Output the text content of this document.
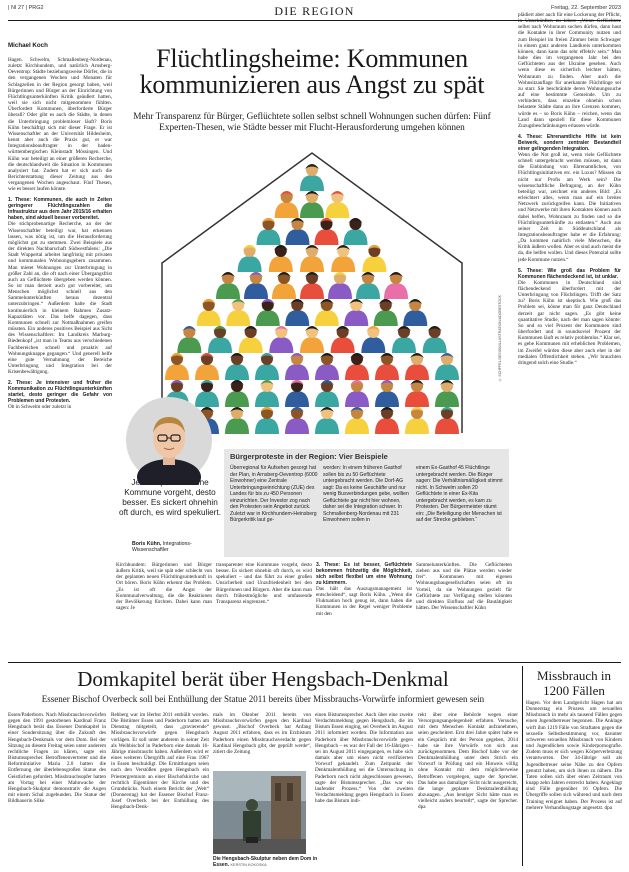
| NI 27 | PRG2	DIE REGION	Freitag, 22. September 2023
Michael Koch	Flüchtlingsheime: Kommunen kommunizieren aus Angst zu spät
Mehr Transparenz für Bürger, Geflüchtete sollen selbst schnell Wohnungen suchen dürfen: Fünf Experten-Thesen, wie Städte besser mit Flucht-Herausforderung umgehen können

Hagen. Schwelm, Schmallenberg-Nordenau, zuletzt Kirchhundem, und natürlich Arnsberg-Oeventrop: Städte beziehungsweise Dörfer, die in den vergangenen Wochen und Monaten für Schlagzeilen in der Region gesorgt haben, weil Bürgerinnen und Bürger an der Einrichtung von Flüchtlingsunterkünften Kritik geäußert hatten, weil sie sich nicht mitgenommen fühlten. Überfordert Kommunen, überforderte Bürger überall? Oder gibt es auch die Städte, in denen die Unterbringung problemloser läuft? Boris Kühn beschäftigt sich mit dieser Frage. Er ist Wissenschaftler an der Universität Hildesheim, kennt aber auch die Praxis gut, er war Integrationsbeauftragter in der baden-württembergischen Kleinstadt Mössingen. Und Kühn war beteiligt an einer größeren Recherche, die deutschlandweit die Situation in Kommunen analysiert hat. Zudem hat er sich auch die Berichterstattung dieser Zeitung aus den vergangenen Wochen angeschaut. Fünf Thesen, wie es besser laufen könnte.

1. These: Kommunen, die auch in Zeiten geringerer Flüchtlingszahlen die Infrastruktur aus dem Jahr 2015/16 erhalten haben, sind aktuell besser vorbereitet.

Die stichprobenartige Recherche, an der der Wissenschaftler beteiligt war, hat erkennen lassen, was nötig ist, um die Herausforderung möglichst gut zu stemmen. Zwei Beispiele aus der direkten Nachbarschaft Südwestfalens: „Die Stadt Wuppertal arbeitet langfristig mit privaten und kommunalen Wohnungsgebern zusammen. Man mietet Wohnungen zur Unterbringung in größer Zahl an, die oft nach einer Übergangsfrist auch an Geflüchtete übergeben werden können. So ist man derzeit auch gut vorbereitet, um Menschen möglichst schnell aus den Sammelunterkünften heraus dezentral unterzubringen.“ Außerdem halte die Stadt kontinuierlich in kleinem Rahmen Zusatz-Kapazitäten vor. Das helfe dagegen, dass Kommunen schnell zur Notmaßnahmen greifen müssten. Ein anderes positives Beispiel aus Sicht des Wissenschaftlers: Im Landkreis Marburg-Biedenkopf „ist man in Teams aus verschiedenen Fachbereichen schnell und proaktiv auf Wohnungsknappe gegangen.“ Und generell helfe eine gute Vernahmung der Bereiche Unterbringung und Integration bei der Krisenbewältigung.

2. These: Je intensiver und früher die Kommunikation zu Flüchtlingsunterkünften startet, desto geringer die Gefahr von Problemen und Protesten.

Ob in Schwelm oder zuletzt in

© SCHPPEL DESIGN/ILLUSTRATION/ADOBESTOCK
Je transparenter eine Kommune vorgeht, desto besser. Es sickert ohnehin oft durch, es wird spekuliert.
Boris Kühn, Integrations-Wissenschaftler
Bürgerproteste in der Region: Vier Beispiele
Überregional für Aufsehen gesorgt hat der Plan, in Arnsberg-Oeventrop (6000 Einwohner) eine Zentrale Unterbringungseinrichtung (ZUE) des Landes für bis zu 450 Personen einzurichten. Der Investor zog nach den Protesten sein Angebot zurück. Zuletzt war in Kirchhundem-Heinsberg Bürgerkritik laut ge-
worden: In einem früheren Gasthof sollen bis zu 50 Geflüchtete untergebracht werden. Die Dorf-AG sagt: Da es keine Geschäfte und nur wenig Busverbindungen gebe, wollten Geflüchtete gar nicht hier wohnen, daher sei die Integration schwer. In Schmallenberg-Nordenau mit 231 Einwohnern sollen in
einem Ex-Gasthof 45 Flüchtlinge untergebracht werden. Die Bürger sagen: Die Verhältnismäßigkeit stimmt nicht. In Schwelm sollen 20 Geflüchtete in einer Ex-Kita untergebracht werden, es kam zu Protesten. Der Bürgermeister räumt ein: „Die Beteiligung der Menschen ist auf der Strecke geblieben.“
Kirchhundem: Bürgerinnen und Bürger äußern Kritik, weil sie spät oder schlecht von der geplanten neuen Flüchtlingsunterkunft in Ort hören. Boris Kühn erkennt das Problem. „Es ist oft die Angst der Kommunalverwaltung, die die Reaktionen der Bevölkerung fürchten. Dabei kann man sagen: Je
transparenter eine Kommune vorgeht, desto besser. Es sickert ohnehin oft durch, es wird spekuliert – und das führt zu einer großen Unsicherheit und Unzufriedenheit bei den Bürgerinnen und Bürgern. Aber die kann man durch frühestmögliche und umfassende Transparenz eingrenzen.“

3. These: Es ist besser, Geflüchtete bekommen frühzeitig die Möglichkeit, sich selbst flexibel um eine Wohnung zu kümmern.

Das hält das Auszugsmanagement ist entscheidend“, sagt Boris Kühn. „Wenn die Fluktuation hoch genug ist, dann haben die Kommunen in der Regel weniger Probleme mit den

Sammelunterkünften. Die Geflüchteten ziehen aus und die Plätze werden wieder frei“. Kommunen mit eigenen Wohnungsbaugesellschaften seien oft im Vorteil, da sie Wohnungen gezielt für Geflüchtete zur Verfügung stellen könnten und direkten Einfluss auf die Bautätigkeit hätten. Der Wissenschaftler Kühn

plädiert aber auch für eine Lockerung der Pflicht, in Unterkünften zu leben: „Wenn Geflüchtete selbst nach Wohnraum suchen dürfen, dann baut die Kontakte in ihrer Community nutzen und zum Beispiel im freien Zimmer beim Schwager in einem ganz anderen Landkreis unterkommen können, dann kann das sehr effektiv sein.“ Man habe dies im vergangenen Jahr bei den Geflüchteten aus der Ukraine gesehen. Auch wenn diese es sicherlich leichter hätten, Wohnraum zu finden. Aber auch die Wohnsitzauflage für anerkannte Flüchtlinge sei zu starr. Sie beschränkte deren Wohnungssuche auf eine bestimmte Gemeinde. Um zu verhindern, dass einzelne ohnehin schon belastete Städte dann an ihre Grenzen kommen, würde es – so Boris Kühn – reichen, wenn das Land dann speziell für diese Kommunen Zuzugsbeschränkungen erlassen würde.

4. These: Ehrenamtliche Hilfe ist kein Beiwerk, sondern zentraler Bestandteil einer gelingenden Integration.

Wenn die Not groß ist, wenn viele Geflüchtete schnell untergebracht werden müssen, ist dann die Einbindung von Ehrenamtlichen, von Flüchtlingsinitiativen etc. ein Luxus? Müssen da nicht nur Profis am Werk sein? Die wissenschaftliche Befragung, an der Kühn beteiligt war, zeichnet ein anderes Bild: „Es erleichtert alles, wenn man auf ein breites Netzwerk zurückgreifen kann. Die Initiativen und Netzwerke mit ihren Kontakten können auch dabei helfen, Wohnraum zu finden und so die Flüchtlingsunterkünfte zu entlasten.“ Auch aus seiner Zeit in Süddeutschland als Integrationsbeauftragter habe er die Erfahrung: „Da kommen natürlich viele Menschen, die Kritik äußern wollen. Aber es sind auch meist die da, die helfen wollen. Und dieses Potenzial sollte jede Kommune nutzen.“

5. These: Wie groß das Problem für Kommunen flächendeckend ist, ist unklar.

Die Kommunen in Deutschland sind flächendeckend überfordert mit der Unterbringung von Flüchtlingen. Trifft der Satz zu? Boris Kühn ist skeptisch. Wie groß das Problem sei, könne man für ganz Deutschland derzeit gar nicht sagen. „Es gibt keine quantitative Studie, nach der man sagen könnte: So und so viel Prozent der Kommunen sind überfordert und in soundsoviel Prozent der Kommunen läuft es relativ problemlos.“ Klar sei, es gebe Kommunen mit erheblichen Problemen, im Zweifel würden diese aber auch eher in der medialen Öffentlichkeit stehen. „Wir brauchten dringend solch eine Studie.“

Domkapitel berät über Hengsbach-Denkmal
Essener Bischof Overbeck soll bei Enthüllung der Statue 2011 bereits über Missbrauchs-Vorwürfe informiert gewesen sein
Essen/Paderborn. Nach Missbrauchsvorwürfen gegen den 1991 gestorbenen Kardinal Franz Hengsbach berät das Essener Domkapitel in einer Sondersitzung über die Zukunft des Hengsbach-Denkmals vor dem Dom. Bei der Sitzung an diesem Freitag seien unter anderem rechtliche Fragen zu klären, sagte ein Bistumssprecher. Betroffenenvertreter und die Reformintiative Maria 2.0 hatten die Entfernung der überlebensgroßen Statue des Geistlichen gefordert. Missbrauchsopfer hatten am Vortag bei einer Mahnwache der Hengsbach-Skulptur demonstrativ die Augen mit einem Schal zugebunden. Die Statue der Bildhauerin Silke
Rehberg war im Herbst 2011 enthüllt worden. Die Bistümer Essen und Paderborn hatten am Dienstag mitgeteilt, dass „gravierende“ Missbrauchsvorwürfe gegen Hengsbach vorlägen. Er soll unter anderem in seiner Zeit als Weihbischof in Paderborn eine damals 16-Jährige missbraucht haben. Außerdem wird er eines weiteren Übergriffs auf eine Frau 1967 in Essen beschuldigt. Die Ermittlungen seien nach den Verstößen gegen Hengsbach ein Priestergremium an einer Bischofskirche und rechtlich Eigentümer der Kirche und des Grundstücks. Nach einem Bericht der „Welt“ (Donnerstag) hat der Essener Bischof Franz-Josef Overbeck bei der Enthüllung des Hengsbach-Denk-
mals im Oktober 2011 bereits von Missbrauchsvorwürfen gegen den Kardinal gewusst. „Bischof Overbeck hat Anfang August 2011 erfahren, dass es im Erzbistum Paderborn einen Missbrauchsverdacht gegen Kardinal Hengsbach gibt, der geprüft werde“, zitiert die Zeitung
Die Hengsbach-Skulptur neben dem Dom in Essen. KERSTIN KOKOSKA
einen Bistumssprecher. Auch über eine zweite Verdachtsmeldung gegen Hengsbach, die im Bistum Essen einging, sei Overbeck im August 2011 informiert worden. Die Information aus Paderborn über Missbrauchsvorwürfe gegen Hengsbach – es war der Fall der 16-Jährigen – sei im August 2011 eingegangen, es habe sich damals aber um einen nicht verifizierten Vorwurf gehandelt. Zum Zeitpunkt der Denkmalenthüllung sei die Untersuchung in Paderborn noch nicht abgeschlossen gewesen, sagte der Bistumssprecher. „Das war ein laufender Prozess.“ Von der zweiten Verdachtsmeldung gegen Hengsbach in Essen habe das Bistum indi-
rekt über eine Behörde wegen einer Versorgungsangelegenheit erfahren. Versuche, mit dem Menschen Kontakt aufzunehmen, seien gescheitert. Erst drei Jahre später habe es ein Gespräch mit der Person gegeben, 2014 habe sie ihre Vorwürfe von sich aus zurückgenommen. Dem Bischof habe vor der Denkmalenthüllung unter dem Strich ein Vorwurf in Prüfung und ein Hinweis völlig ohne Kontakt mit dem möglicherweise Betroffenen vorgelegen, sagte der Sprecher. Das habe aus damaliger Sicht nicht ausgereicht, die lange geplante Denkmalenthüllung abzusagen. „Aus heutiger Sicht hätte man es vielleicht anders beurteilt“, sagte der Sprecher. dpa
Missbrauch in 1200 Fällen
Hagen. Vor dem Landgericht Hagen hat am Donnerstag ein Prozess um sexuellen Missbrauch in mehr als tausend Fällen gegen einen Jugendbetreuer begonnen. Die Anklage wirft ihm 1219 Fälle von Straftaten gegen die sexuelle Selbstbestimmung vor, darunter schweren sexuellen Missbrauch von Kindern und Jugendlichen sowie Kinderpornografie. Zudem muss er sich wegen Körperverletzung verantworten. Der 34-Jährige soll als Jugendbetreuer seine Nähe zu den Opfern genutzt haben, um sich ihnen zu nähern. Die Taten sollen sich über einen Zeitraum von knapp zehn Jahren erstreckt haben. Angeklagt sind Fälle gegenüber 16 Opfern. Die Übergriffe sollen sich während und nach dem Training ereignet haben. Der Prozess ist auf mehrere Verhandlungstage angesetzt. dpa
